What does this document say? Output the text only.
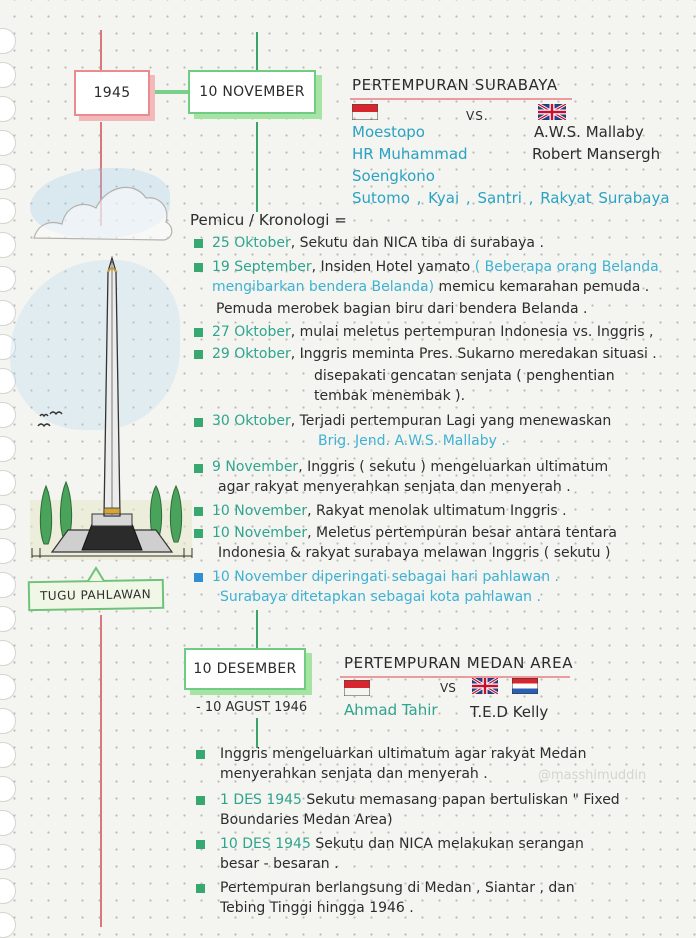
1945	10 NOVEMBER	PERTEMPURAN SURABAYA
VS.
Moestopo
HR Muhammad
Soengkono
Sutomo , Kyai , Santri , Rakyat Surabaya
A.W.S. Mallaby
Robert Mansergh
Pemicu / Kronologi =
25 Oktober, Sekutu dan NICA tiba di surabaya .
19 September, Insiden Hotel yamato ( Beberapa orang Belanda
mengibarkan bendera Belanda) memicu kemarahan pemuda .
Pemuda merobek bagian biru dari bendera Belanda .
27 Oktober, mulai meletus pertempuran Indonesia vs. Inggris ,
29 Oktober, Inggris meminta Pres. Sukarno meredakan situasi .
disepakati gencatan senjata ( penghentian
tembak menembak ).
30 Oktober, Terjadi pertempuran Lagi yang menewaskan
Brig. Jend. A.W.S. Mallaby .
9 November, Inggris ( sekutu ) mengeluarkan ultimatum
agar rakyat menyerahkan senjata dan menyerah .
10 November, Rakyat menolak ultimatum Inggris .
10 November, Meletus pertempuran besar antara tentara
Indonesia & rakyat surabaya melawan Inggris ( sekutu )
10 November diperingati sebagai hari pahlawan .
Surabaya ditetapkan sebagai kota pahlawan .
TUGU PAHLAWAN
10 DESEMBER
- 10 AGUST 1946
PERTEMPURAN MEDAN AREA
VS
Ahmad Tahir T.E.D Kelly
Inggris mengeluarkan ultimatum agar rakyat Medan
menyerahkan senjata dan menyerah .	@masshimuddin
1 DES 1945 Sekutu memasang papan bertuliskan " Fixed
Boundaries Medan Area)
10 DES 1945 Sekutu dan NICA melakukan serangan
besar - besaran .
Pertempuran berlangsung di Medan , Siantar , dan
Tebing Tinggi hingga 1946 .
